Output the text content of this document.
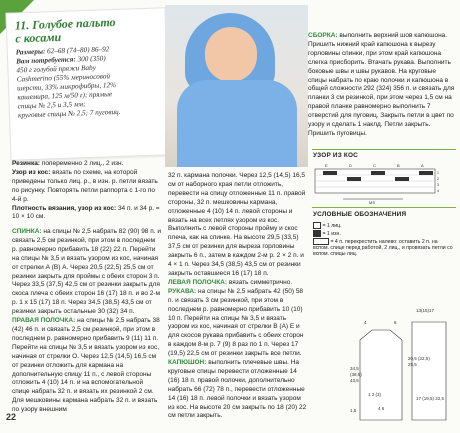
11. Голубое пальто
с косами
Размеры: 62–68 (74–80) 86–92
Вам потребуется: 300 (350)
450 г голубой пряжи Baby
Cashmerino (55% мериносовой
шерсти, 33% микрофибры, 12%
кашемира, 125 м/50 г); прямые
спицы № 2,5 и 3,5 мм;
круговые спицы № 2,5; 7 пуговиц.
Резинка: попеременно 2 лиц., 2 изн.
Узор из кос: вязать по схеме, на которой приведены только лиц. р., в изн. р. петли вязать по рисунку. Повторять петли раппорта с 1-го по 4-й р.
Плотность вязания, узор из кос: 34 п. и 34 р. = 10 × 10 см.
СПИНКА: на спицы № 2,5 набрать 82 (90) 98 п. и связать 2,5 см резинкой, при этом в последнем р. равномерно прибавить 18 (22) 22 п. Перейти на спицы № 3,5 и вязать узором из кос, начиная от стрелки А (В) А. Через 20,5 (22,5) 25,5 см от резинки закрыть для проймы с обеих сторон 3 п. Через 33,5 (37,5) 42,5 см от резинки закрыть для скоса плеча с обеих сторон 16 (17) 18 п. и во 2-м р. 1 х 15 (17) 18 п. Через 34,5 (38,5) 43,5 см от резинки закрыть остальные 30 (32) 34 п.
ПРАВАЯ ПОЛОЧКА: на спицы № 2,5 набрать 38 (42) 46 п. и связать 2,5 см резинкой, при этом в последнем р. равномерно прибавить 9 (11) 11 п. Перейти на спицы № 3,5 и вязать узором из кос, начиная от стрелки О. Через 12,5 (14,5) 16,5 см от резинки отложить для кармана на дополнительную спицу 11 п., с левой стороны отложить 4 (10) 14 п. и на вспомогательной спице набрать 32 п. и вязать их резинкой 2 см. Для мешковины кармана набрать 32 п. и вязать по узору внешним
32 п. кармана полочки. Через 12,5 (14,5) 16,5 см от наборного края петли отложить, перевести на спицу отложенные 11 п. правой стороны, 32 п. мешковины кармана, отложенные 4 (10) 14 п. левой стороны и вязать на всех петлях узором из кос. Выполнить с левой стороны пройму и скос плеча, как на спинке. На высоте 29,5 (33,5) 37,5 см от резинки для выреза горловины закрыть 6 п., затем в каждом 2-м р. 2 × 2 п. и 4 × 1 п. Через 34,5 (38,5) 43,5 см от резинки закрыть оставшиеся 16 (17) 18 п.
ЛЕВАЯ ПОЛОЧКА: вязать симметрично.
РУКАВА: на спицы № 2,5 набрать 42 (50) 58 п. и связать 3 см резинкой, при этом в последнем р. равномерно прибавить 10 (10) 10 п. Перейти на спицы № 3,5 и вязать узором из кос, начиная от стрелки В (А) Е и для скосов рукава прибавить с обеих сторон в каждом 8-м р. 7 (9) 8 раз по 1 п. Через 17 (19,5) 22,5 см от резинки закрыть все петли.
КАПЮШОН: выполнить плечевые швы. На круговые спицы перевести отложенные 14 (16) 18 п. правой полочки, дополнительно набрать 66 (72) 78 п., перевести отложенные 14 (16) 18 п. левой полочки и вязать узором из кос. На высоте 20 см закрыть по 18 (20) 22 см петли закрыть.
СБОРКА: выполнить верхний шов капюшона. Пришить нижний край капюшона к вырезу горловины спинки, при этом край капюшона слегка присборить. Втачать рукава. Выполнить боковые швы и швы рукавов. На круговые спицы набрать по краю полочки и капюшона в общей сложности 292 (324) 356 п. и связать для планки 3 см резинкой, при этом через 1,5 см на правой планке равномерно выполнить 7 отверстий для пуговиц. Закрыть петли в цвет по узору и сделать 1 наклд. Петли закрыть. Пришить пуговицы.
УЗОР ИЗ КОС
E	D	C	B	A
1
2
3
4
MS
УСЛОВНЫЕ ОБОЗНАЧЕНИЯ
= 1 лиц.
= 1 изн.
= 4 п. перекрестить налево: оставить 2 п. на вспом. спице перед работой, 2 лиц., и провязать петли со вспом. спицы лиц.
13(15)17
20,5 (22,5)
25,5
34,5
(38,5)
43,5
1,5
4	6
17 (19,5) 22,5
1 2 (3)
4 6
22
